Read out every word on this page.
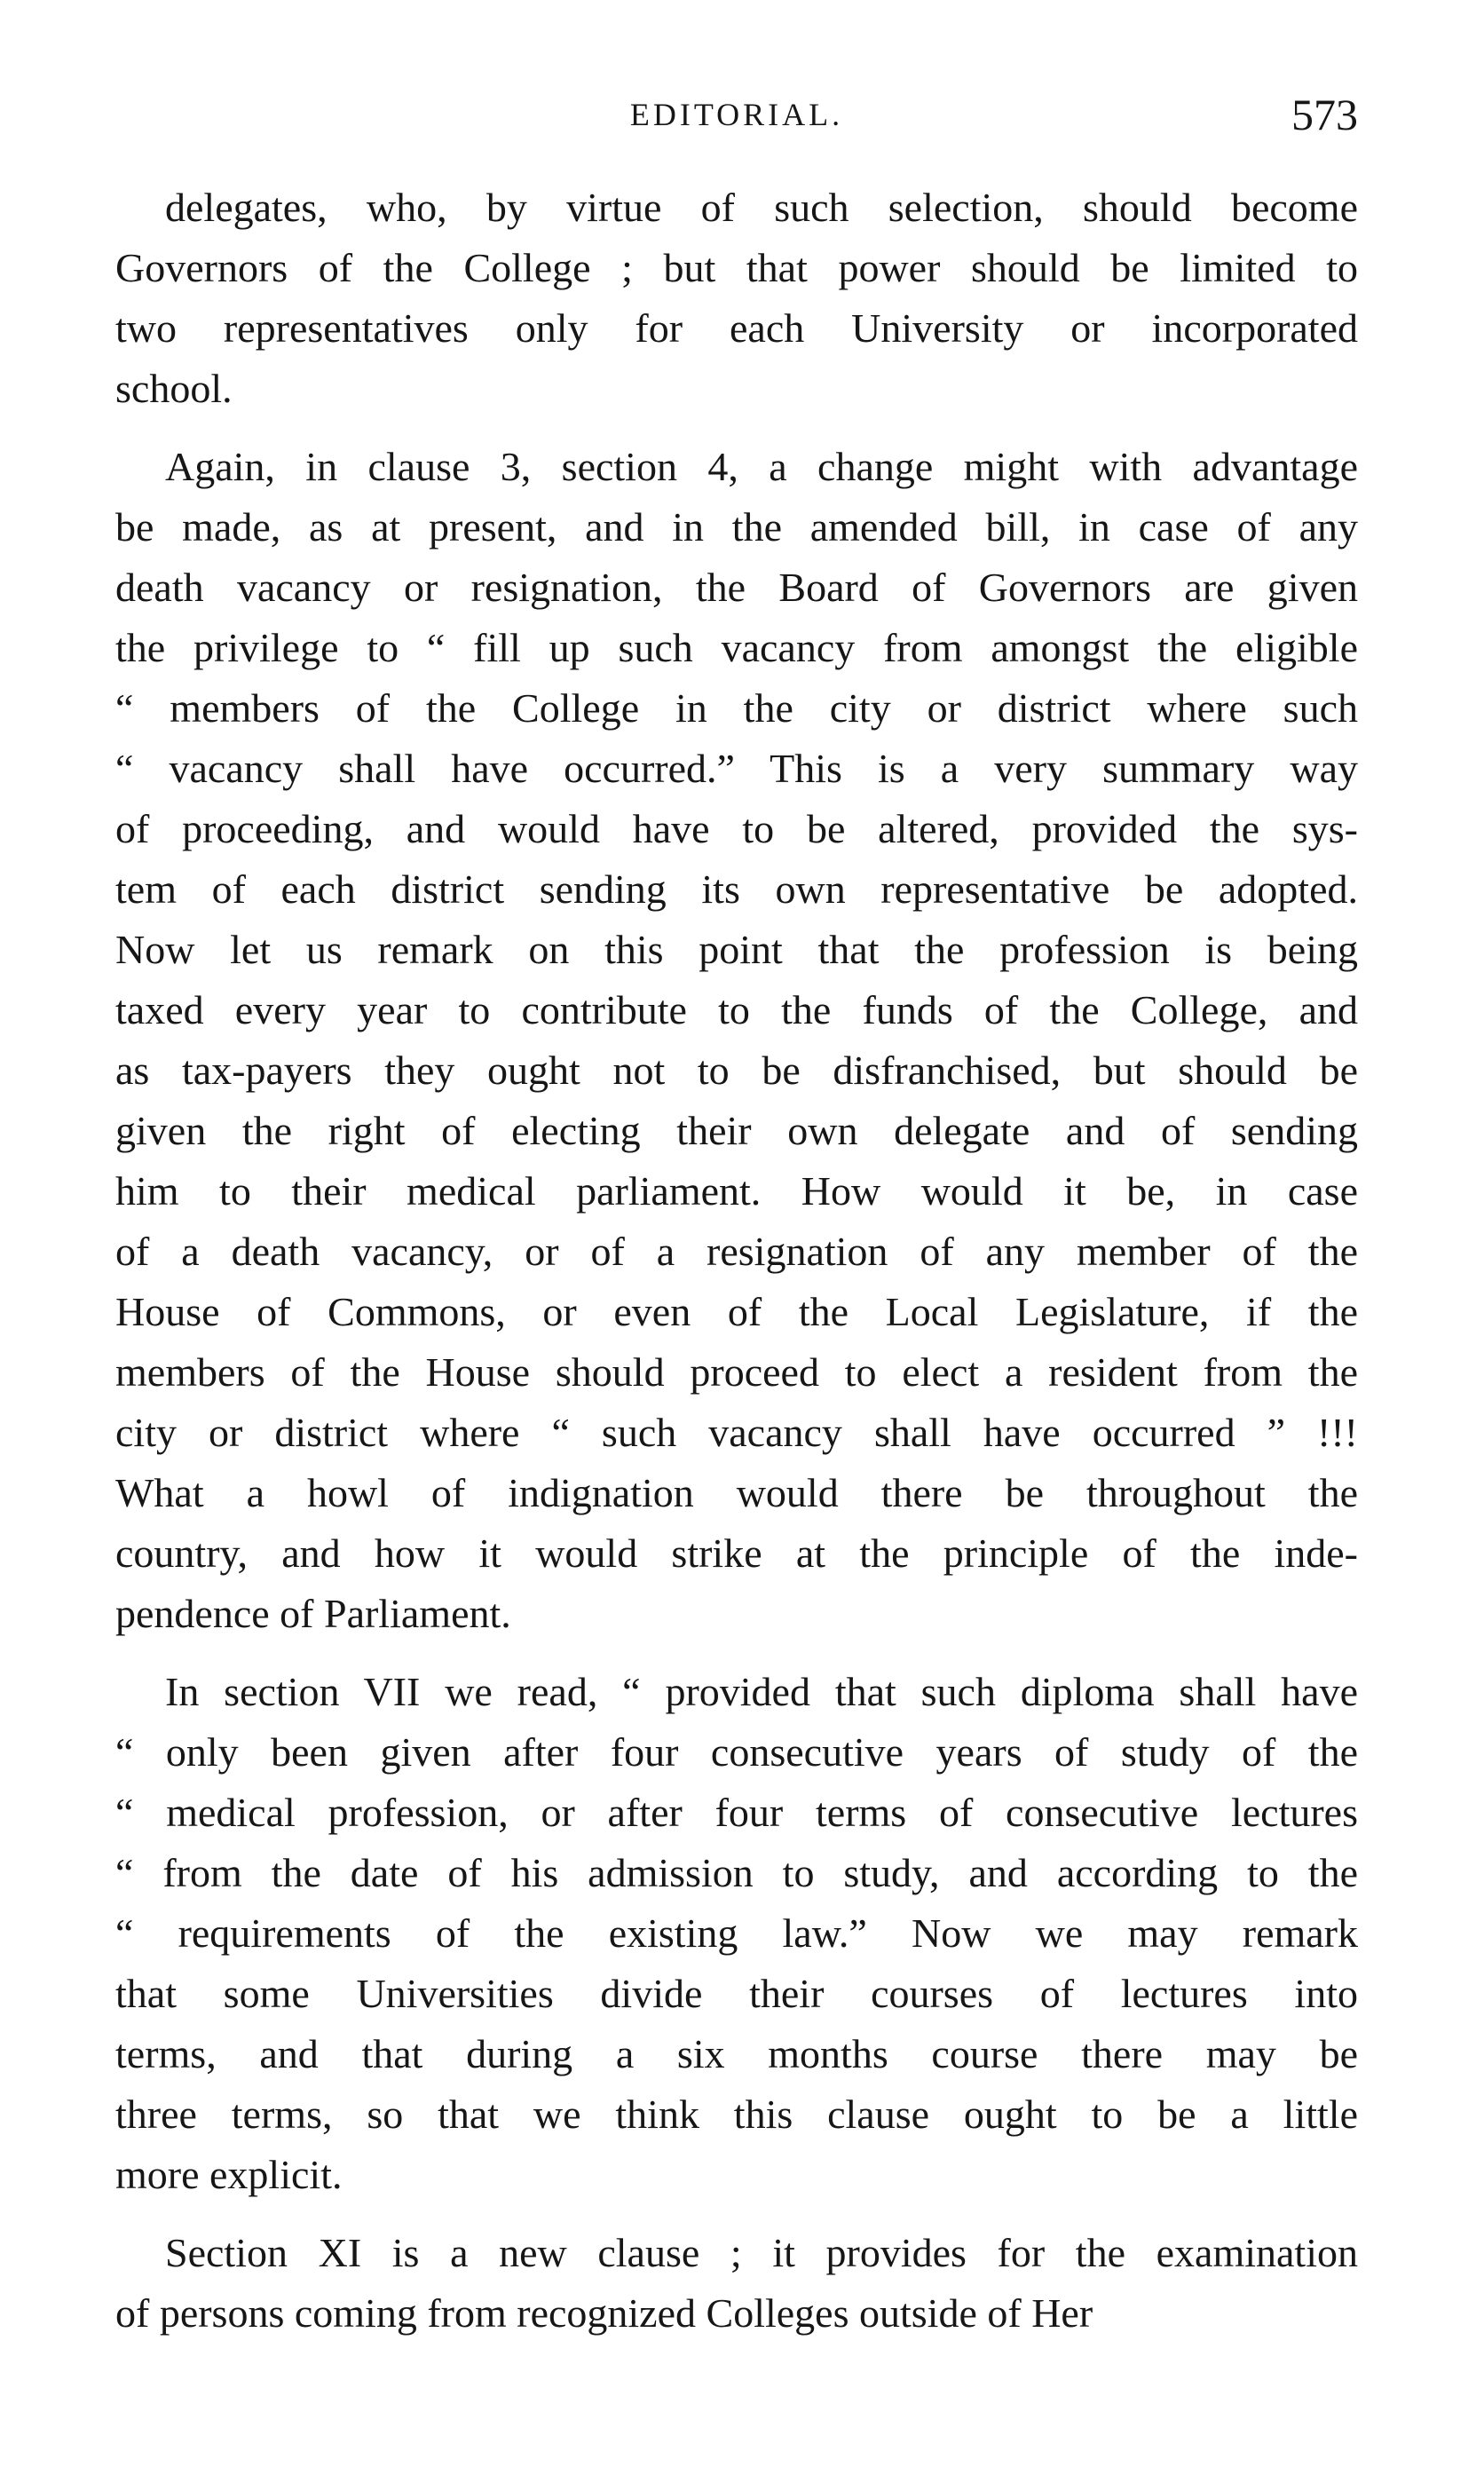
EDITORIAL.	573
delegates, who, by virtue of such selection, should become
Governors of the College ; but that power should be limited to
two representatives only for each University or incorporated
school.
Again, in clause 3, section 4, a change might with advantage
be made, as at present, and in the amended bill, in case of any
death vacancy or resignation, the Board of Governors are given
the privilege to “ fill up such vacancy from amongst the eligible
“ members of the College in the city or district where such
“ vacancy shall have occurred.” This is a very summary way
of proceeding, and would have to be altered, provided the sys-
tem of each district sending its own representative be adopted.
Now let us remark on this point that the profession is being
taxed every year to contribute to the funds of the College, and
as tax-payers they ought not to be disfranchised, but should be
given the right of electing their own delegate and of sending
him to their medical parliament. How would it be, in case
of a death vacancy, or of a resignation of any member of the
House of Commons, or even of the Local Legislature, if the
members of the House should proceed to elect a resident from the
city or district where “ such vacancy shall have occurred ” !!!
What a howl of indignation would there be throughout the
country, and how it would strike at the principle of the inde-
pendence of Parliament.
In section VII we read, “ provided that such diploma shall have
“ only been given after four consecutive years of study of the
“ medical profession, or after four terms of consecutive lectures
“ from the date of his admission to study, and according to the
“ requirements of the existing law.” Now we may remark
that some Universities divide their courses of lectures into
terms, and that during a six months course there may be
three terms, so that we think this clause ought to be a little
more explicit.
Section XI is a new clause ; it provides for the examination
of persons coming from recognized Colleges outside of Her
